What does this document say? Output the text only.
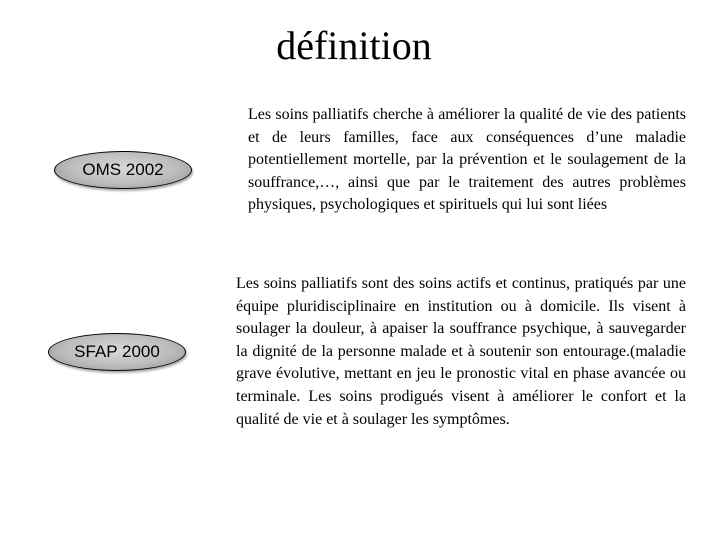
définition
OMS 2002

Les soins palliatifs cherche à améliorer la qualité de vie des patients et de leurs familles, face aux conséquences d’une maladie potentiellement mortelle, par la prévention et le soulagement de la souffrance,…, ainsi que par le traitement des autres problèmes physiques, psychologiques et spirituels qui lui sont liées

SFAP 2000

Les soins palliatifs sont des soins actifs et continus, pratiqués par une équipe pluridisciplinaire en institution ou à domicile. Ils visent à soulager la douleur, à apaiser la souffrance psychique, à sauvegarder la dignité de la personne malade et à soutenir son entourage.(maladie grave évolutive, mettant en jeu le pronostic vital en phase avancée ou terminale. Les soins prodigués visent à améliorer le confort et la qualité de vie et à soulager les symptômes.
